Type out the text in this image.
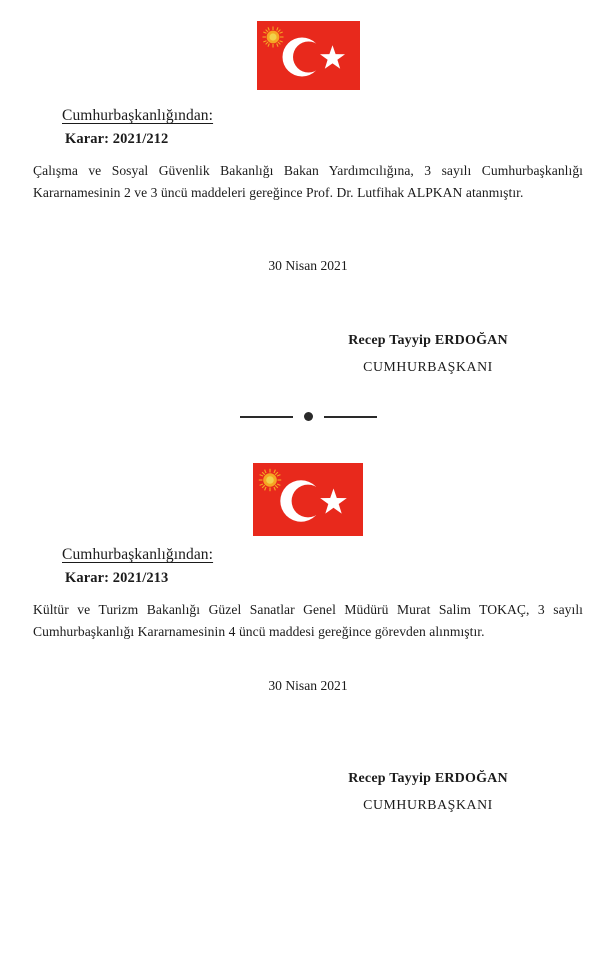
Cumhurbaşkanlığından:
Karar: 2021/212
Çalışma ve Sosyal Güvenlik Bakanlığı Bakan Yardımcılığına, 3 sayılı Cumhurbaşkanlığı Kararnamesinin 2 ve 3 üncü maddeleri gereğince Prof. Dr. Lutfihak ALPKAN atanmıştır.
30 Nisan 2021
Recep Tayyip ERDOĞAN
CUMHURBAŞKANI
Cumhurbaşkanlığından:
Karar: 2021/213
Kültür ve Turizm Bakanlığı Güzel Sanatlar Genel Müdürü Murat Salim TOKAÇ, 3 sayılı Cumhurbaşkanlığı Kararnamesinin 4 üncü maddesi gereğince görevden alınmıştır.
30 Nisan 2021
Recep Tayyip ERDOĞAN
CUMHURBAŞKANI
